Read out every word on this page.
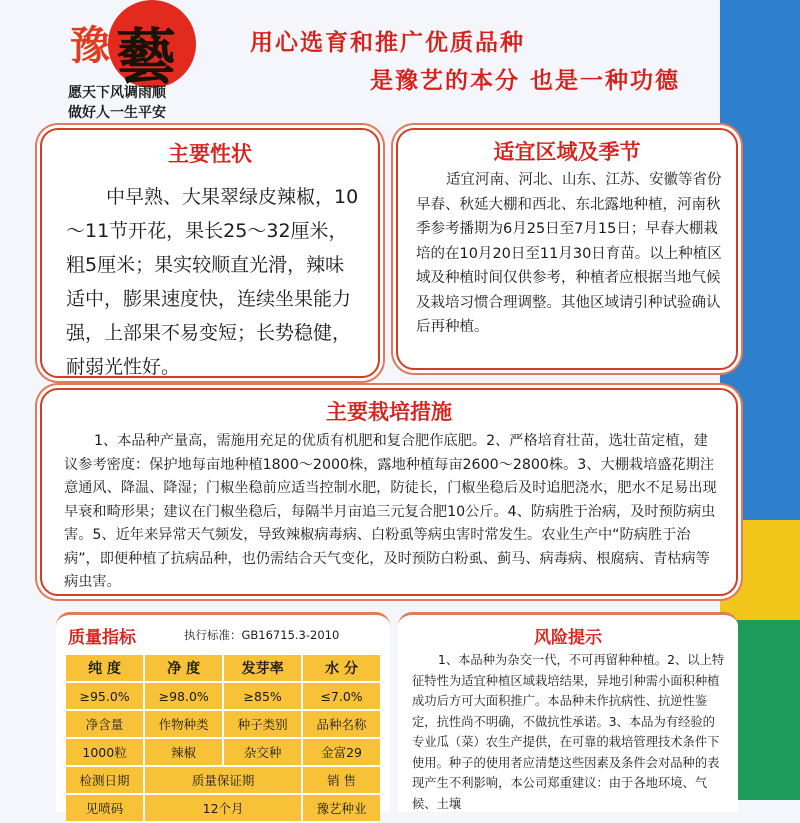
豫 藝
愿天下风调雨顺
做好人一生平安
用心选育和推广优质品种
是豫艺的本分 也是一种功德
主要性状
中早熟、大果翠绿皮辣椒，10～11节开花，果长25～32厘米，粗5厘米；果实较顺直光滑，辣味适中，膨果速度快，连续坐果能力强，上部果不易变短；长势稳健，耐弱光性好。
适宜区域及季节
适宜河南、河北、山东、江苏、安徽等省份早春、秋延大棚和西北、东北露地种植，河南秋季参考播期为6月25日至7月15日；早春大棚栽培的在10月20日至11月30日育苗。以上种植区域及种植时间仅供参考，种植者应根据当地气候及栽培习惯合理调整。其他区域请引种试验确认后再种植。
主要栽培措施
1、本品种产量高，需施用充足的优质有机肥和复合肥作底肥。2、严格培育壮苗，选壮苗定植，建议参考密度：保护地每亩地种植1800～2000株，露地种植每亩2600～2800株。3、大棚栽培盛花期注意通风、降温、降湿；门椒坐稳前应适当控制水肥，防徒长，门椒坐稳后及时追肥浇水，肥水不足易出现早衰和畸形果；建议在门椒坐稳后，每隔半月亩追三元复合肥10公斤。4、防病胜于治病，及时预防病虫害。5、近年来异常天气频发，导致辣椒病毒病、白粉虱等病虫害时常发生。农业生产中“防病胜于治病”，即便种植了抗病品种，也仍需结合天气变化，及时预防白粉虱、蓟马、病毒病、根腐病、青枯病等病虫害。
质量指标	执行标准：GB16715.3-2010
纯 度	净 度	发芽率	水 分
≥95.0%	≥98.0%	≥85%	≤7.0%
净含量	作物种类	种子类别	品种名称
1000粒	辣椒	杂交种	金富29
检测日期	质量保证期		销 售
见喷码	12个月		豫艺种业
风险提示
1、本品种为杂交一代，不可再留种种植。2、以上特征特性为适宜种植区域栽培结果，异地引种需小面积种植成功后方可大面积推广。本品种未作抗病性、抗逆性鉴定，抗性尚不明确，不做抗性承诺。3、本品为有经验的专业瓜（菜）农生产提供，在可靠的栽培管理技术条件下使用。种子的使用者应清楚这些因素及条件会对品种的表现产生不利影响，本公司郑重建议：由于各地环境、气候、土壤
